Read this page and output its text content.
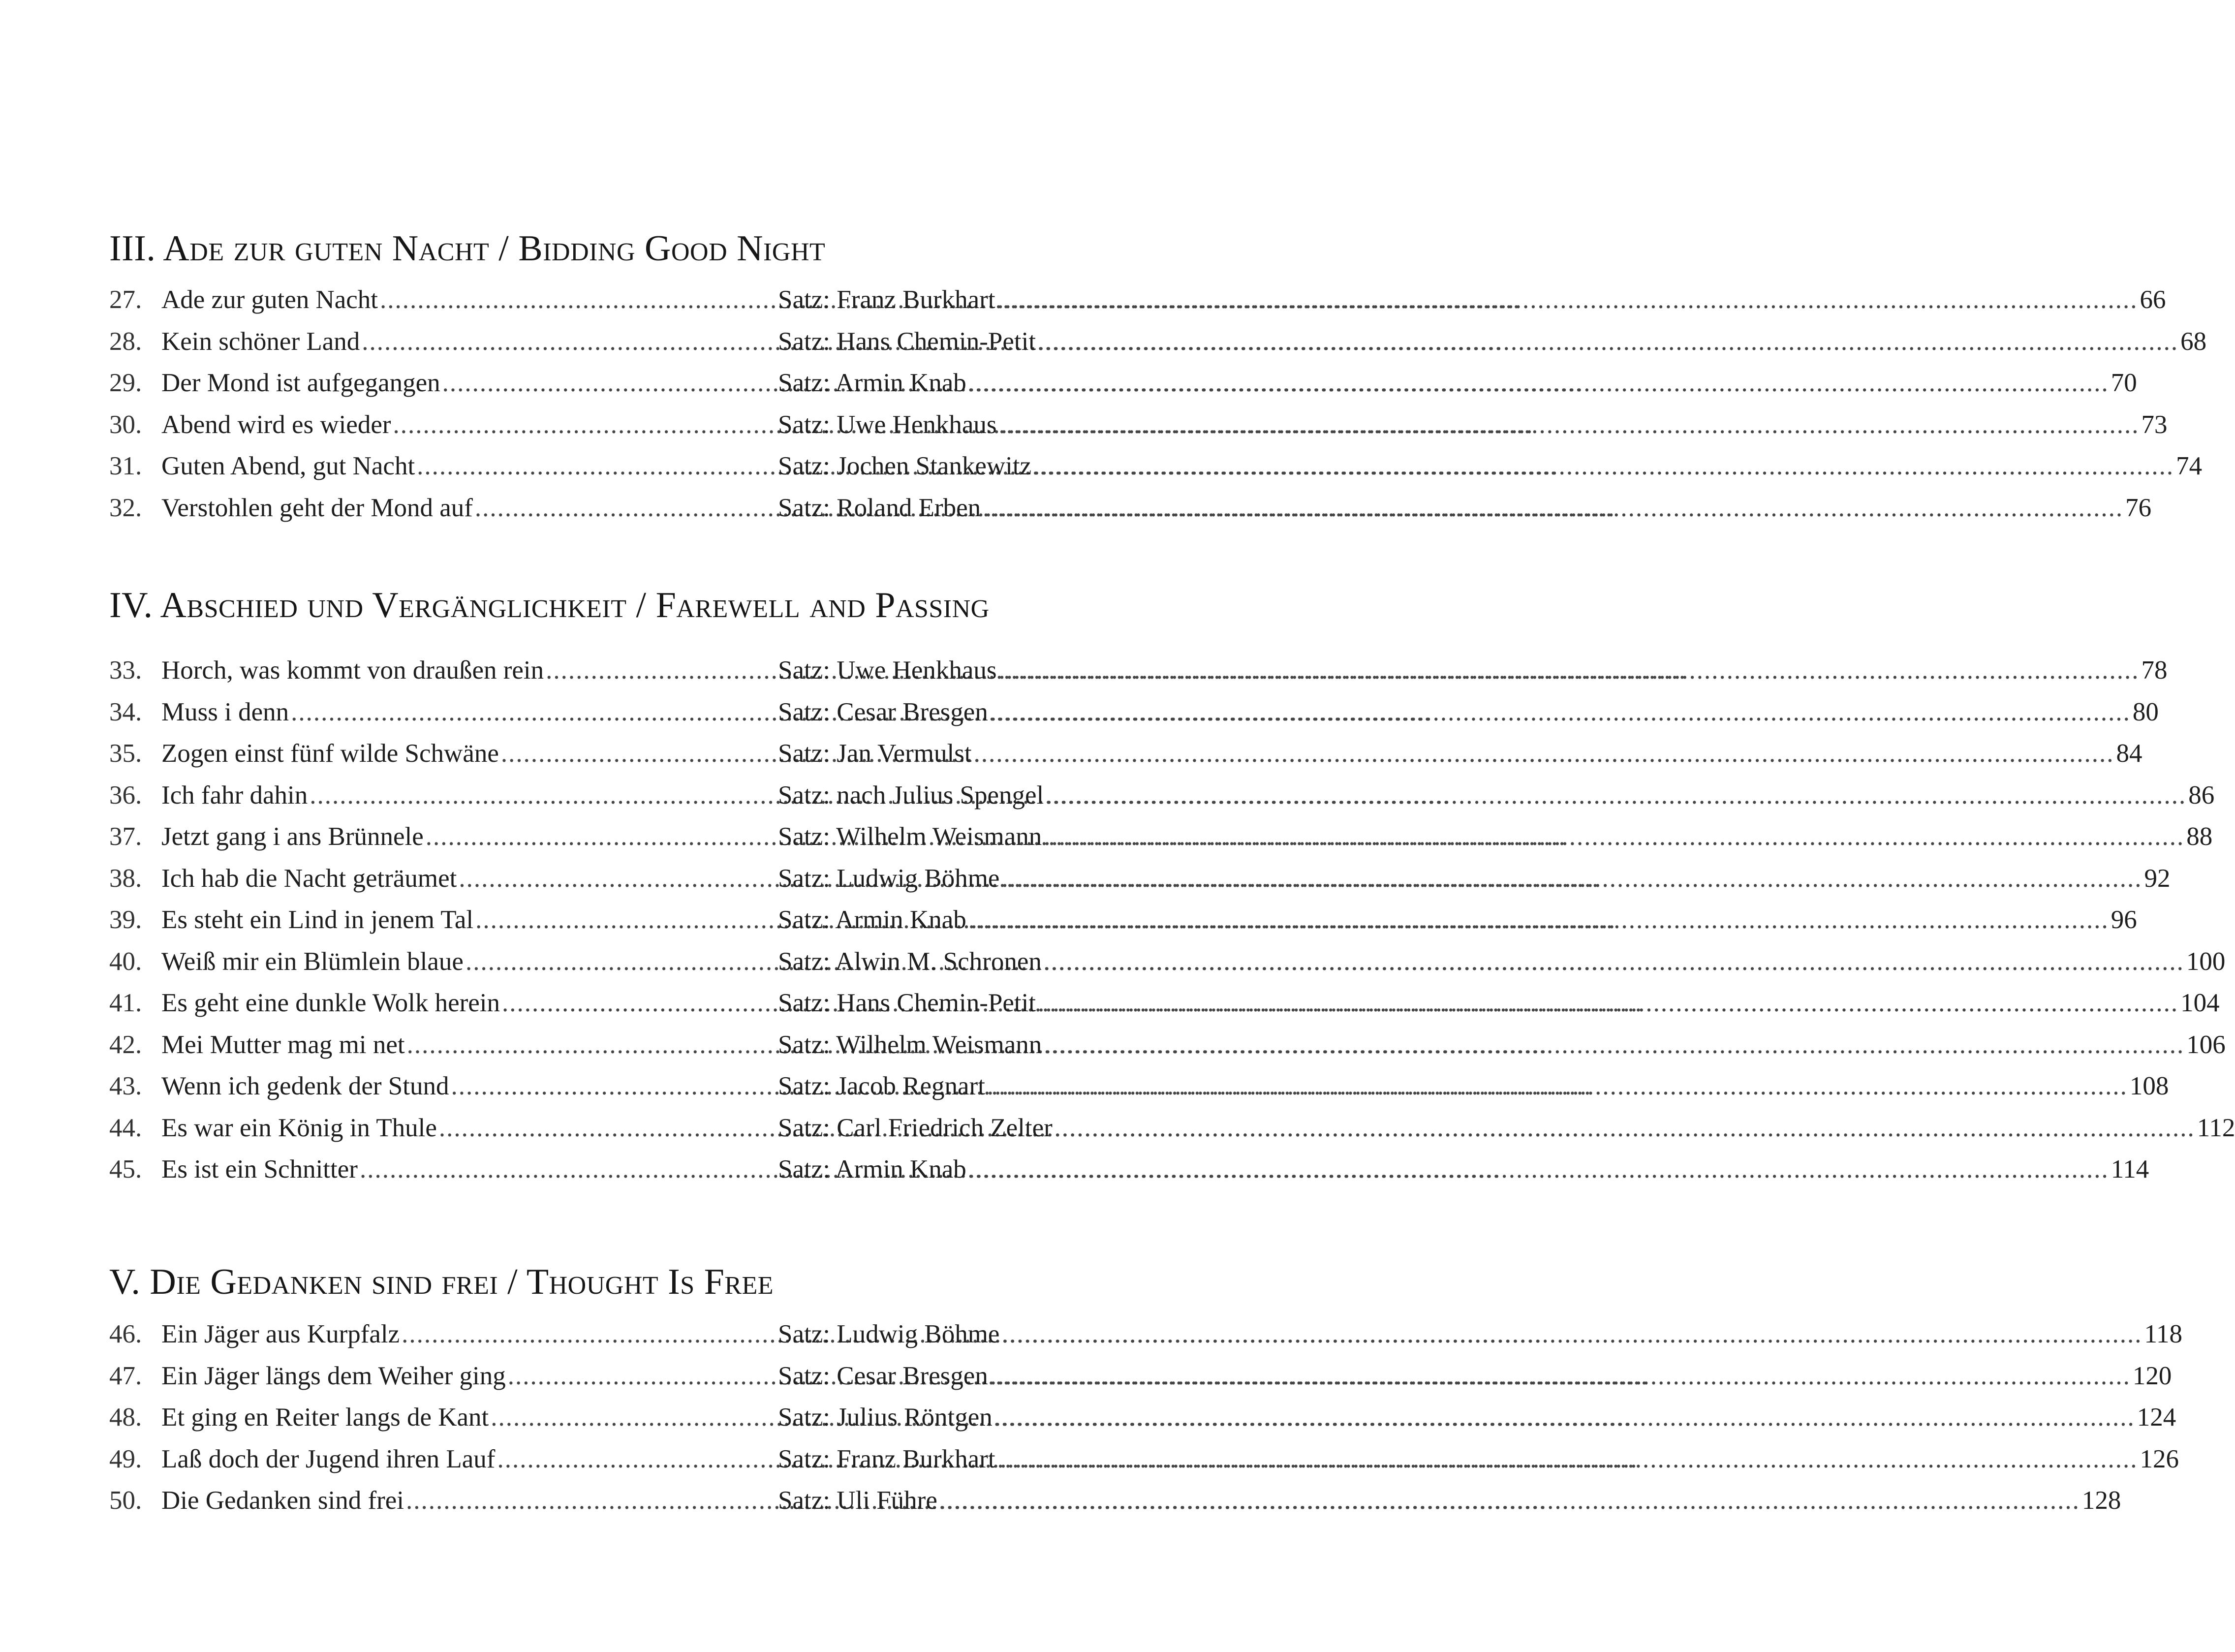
III. Ade zur guten Nacht / Bidding Good Night
27. Ade zur guten Nacht .....	Satz: Franz Burkhart .....	66
28. Kein schöner Land .....	Satz: Hans Chemin-Petit .....	68
29. Der Mond ist aufgegangen .....	Satz: Armin Knab .....	70
30. Abend wird es wieder .....	Satz: Uwe Henkhaus .....	73
31. Guten Abend, gut Nacht .....	Satz: Jochen Stankewitz .....	74
32. Verstohlen geht der Mond auf .....	Satz: Roland Erben .....	76
IV. Abschied und Vergänglichkeit / Farewell and Passing
33. Horch, was kommt von draußen rein .....	Satz: Uwe Henkhaus .....	78
34. Muss i denn .....	Satz: Cesar Bresgen .....	80
35. Zogen einst fünf wilde Schwäne .....	Satz: Jan Vermulst .....	84
36. Ich fahr dahin .....	Satz: nach Julius Spengel .....	86
37. Jetzt gang i ans Brünnele .....	Satz: Wilhelm Weismann .....	88
38. Ich hab die Nacht geträumet .....	Satz: Ludwig Böhme .....	92
39. Es steht ein Lind in jenem Tal .....	Satz: Armin Knab .....	96
40. Weiß mir ein Blümlein blaue .....	Satz: Alwin M. Schronen .....	100
41. Es geht eine dunkle Wolk herein .....	Satz: Hans Chemin-Petit .....	104
42. Mei Mutter mag mi net .....	Satz: Wilhelm Weismann .....	106
43. Wenn ich gedenk der Stund .....	Satz: Jacob Regnart .....	108
44. Es war ein König in Thule .....	Satz: Carl Friedrich Zelter .....	112
45. Es ist ein Schnitter .....	Satz: Armin Knab .....	114
V. Die Gedanken sind frei / Thought Is Free
46. Ein Jäger aus Kurpfalz .....	Satz: Ludwig Böhme .....	118
47. Ein Jäger längs dem Weiher ging .....	Satz: Cesar Bresgen .....	120
48. Et ging en Reiter langs de Kant .....	Satz: Julius Röntgen .....	124
49. Laß doch der Jugend ihren Lauf .....	Satz: Franz Burkhart .....	126
50. Die Gedanken sind frei .....	Satz: Uli Führe .....	128
